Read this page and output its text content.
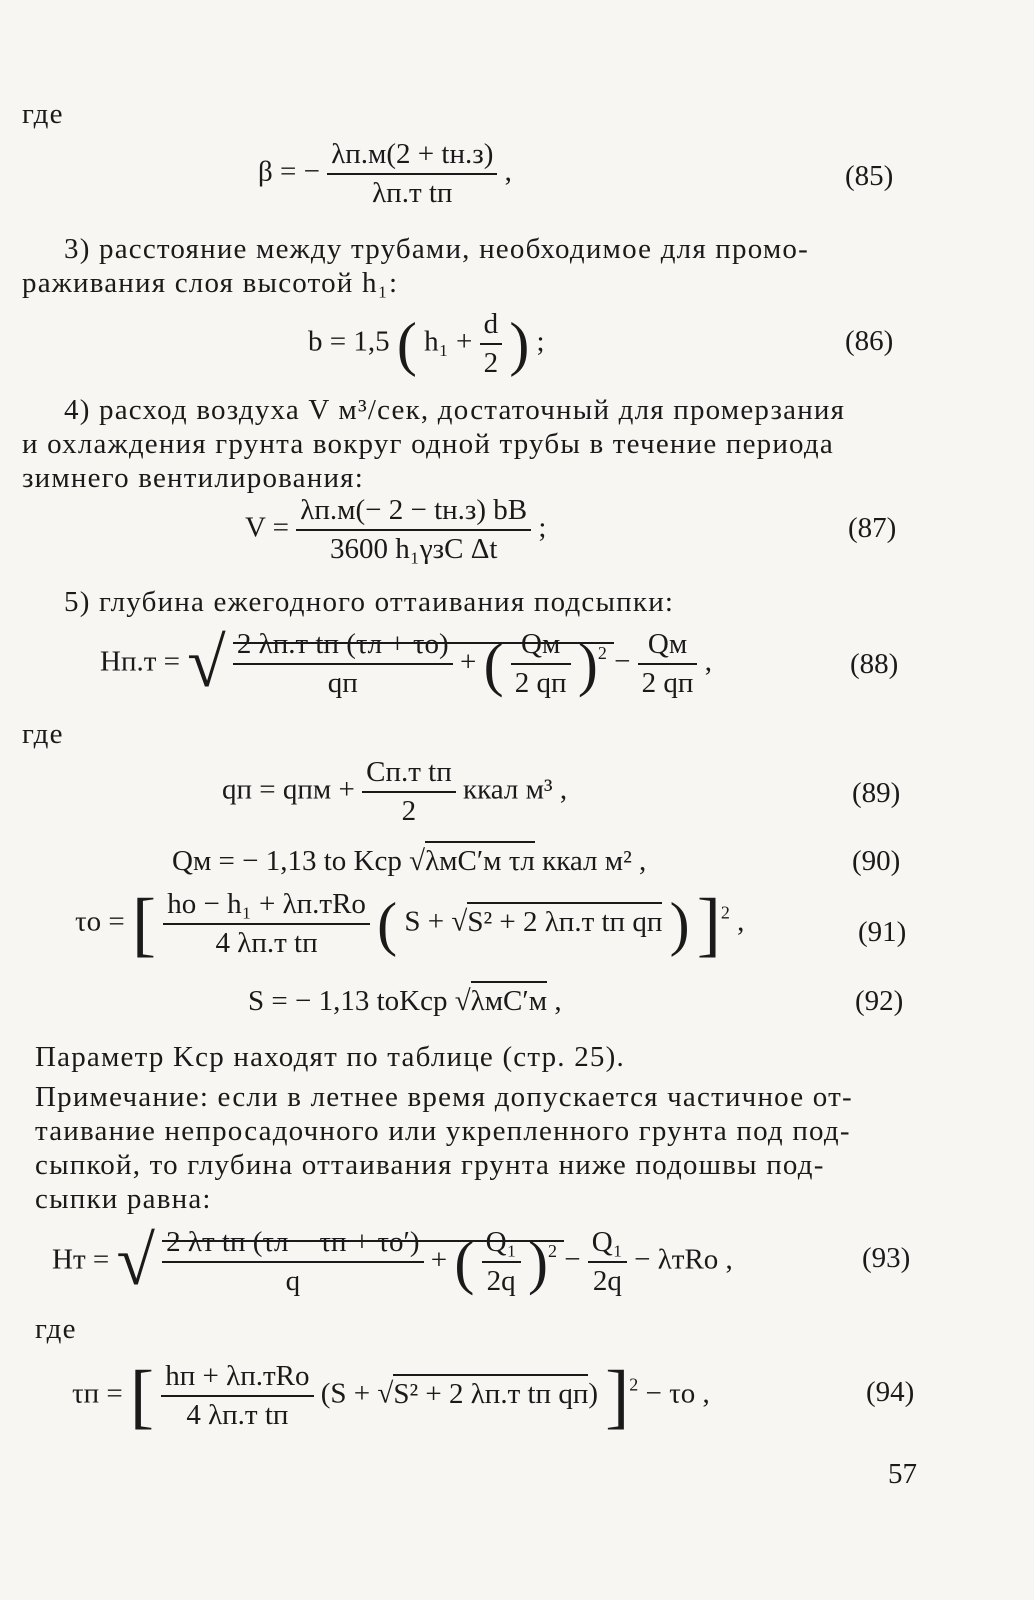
где
β = − $\frac{\lambda п.м(2 + tн.з)}{\text{λп.т tп}}$ ,	(85)
3) расстояние между трубами, необходимое для промо-
раживания слоя высотой h₁:
b = 1,5 ( $h_1 + \frac{d}{2}$ ) ;	(86)
4) расход воздуха V м³/сек, достаточный для промерзания
и охлаждения грунта вокруг одной трубы в течение периода
зимнего вентилирования:
$V = \frac{\lambda п.м(- 2 - tн.з) bB}{\text{3600 h₁γзC Δt}}$ ;	(87)
5) глубина ежегодного оттаивания подсыпки:
Hп.т = √ $\frac{\text{2 λп.т tп (τл + τo)}}{qп}$ + ( $\frac{Qм}{2 qп} )^2 - \frac{Qм}{2 qп}$ ,	(88)
где
qп = qпм + $\frac{\text{Cп.т tп}}{2}$ ккал м³ ,	(89)
Qм = − 1,13 to Kср √λмC′м τл ккал м² ,	(90)
τo = [ $\frac{\text{ho − h₁ + λп.тRo}}{\text{4 λп.т tп}}$ ( S + √S² + 2 λп.т tп qп ) ]$^2$ ,	(91)
S = − 1,13 toKср √λмC′м ,	(92)
Параметр Kср находят по таблице (стр. 25).
Примечание: если в летнее время допускается частичное от-
таивание непросадочного или укрепленного грунта под под-
сыпкой, то глубина оттаивания грунта ниже подошвы под-
сыпки равна:
Hт = √ $\frac{\text{2 λт tп (τл − τп + τo′)}}{q}$ + ( $\frac{\text{Q₁}}{2q} )^2 - \frac{\text{Q₁}}{2q} - \lambda тRo$ ,	(93)
где
τп = [ $\frac{\text{hп + λп.тRo}}{\text{4 λп.т tп}} (S + √S^2 + 2$ λп.т tп qп) ]$^2$ − τo ,	(94)
57
